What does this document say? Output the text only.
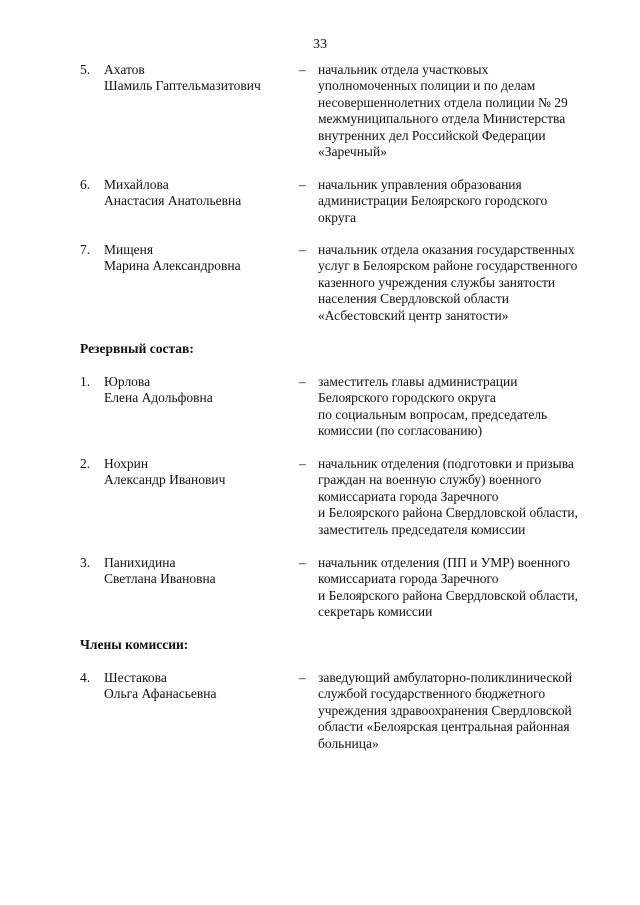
33
5. Ахатов
Шамиль Гаптельмазитович
– начальник отдела участковых
уполномоченных полиции и по делам
несовершеннолетних отдела полиции № 29
межмуниципального отдела Министерства
внутренних дел Российской Федерации
«Заречный»
6. Михайлова
Анастасия Анатольевна
– начальник управления образования
администрации Белоярского городского
округа
7. Мищеня
Марина Александровна
– начальник отдела оказания государственных
услуг в Белоярском районе государственного
казенного учреждения службы занятости
населения Свердловской области
«Асбестовский центр занятости»
Резервный состав:
1. Юрлова
Елена Адольфовна
– заместитель главы администрации
Белоярского городского округа
по социальным вопросам, председатель
комиссии (по согласованию)
2. Нохрин
Александр Иванович
– начальник отделения (подготовки и призыва
граждан на военную службу) военного
комиссариата города Заречного
и Белоярского района Свердловской области,
заместитель председателя комиссии
3. Панихидина
Светлана Ивановна
– начальник отделения (ПП и УМР) военного
комиссариата города Заречного
и Белоярского района Свердловской области,
секретарь комиссии
Члены комиссии:
4. Шестакова
Ольга Афанасьевна
– заведующий амбулаторно-поликлинической
службой государственного бюджетного
учреждения здравоохранения Свердловской
области «Белоярская центральная районная
больница»
